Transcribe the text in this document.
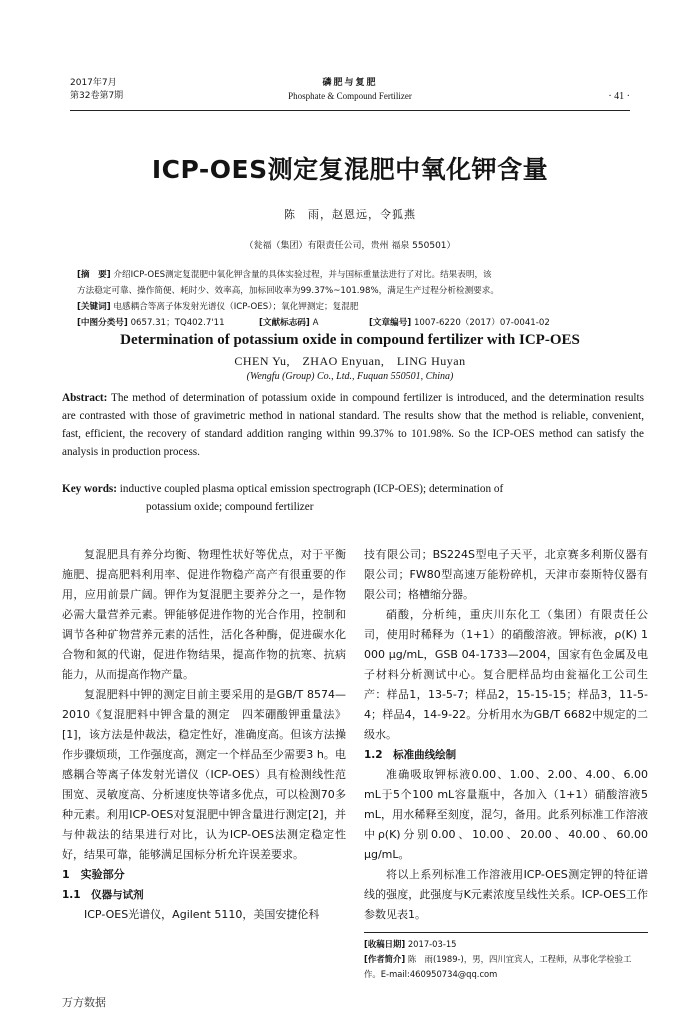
2017年7月
第32卷第7期
磷肥与复肥
Phosphate & Compound Fertilizer	· 41 ·
ICP-OES测定复混肥中氧化钾含量
陈　雨，赵恩远，令狐燕
（瓮福（集团）有限责任公司，贵州 福泉 550501）
[摘　要] 介绍ICP-OES测定复混肥中氧化钾含量的具体实验过程，并与国标重量法进行了对比。结果表明，该
方法稳定可靠、操作简便、耗时少、效率高，加标回收率为99.37%~101.98%，满足生产过程分析检测要求。
[关键词] 电感耦合等离子体发射光谱仪（ICP-OES）；氧化钾测定；复混肥
[中图分类号] 0657.31；TQ402.7'11	[文献标志码] A	[文章编号] 1007-6220（2017）07-0041-02
Determination of potassium oxide in compound fertilizer with ICP-OES
CHEN Yu,　ZHAO Enyuan,　LING Huyan
(Wengfu (Group) Co., Ltd., Fuquan 550501, China)
Abstract: The method of determination of potassium oxide in compound fertilizer is introduced, and the determination results are contrasted with those of gravimetric method in national standard. The results show that the method is reliable, convenient, fast, efficient, the recovery of standard addition ranging within 99.37% to 101.98%. So the ICP-OES method can satisfy the analysis in production process.
Key words: inductive coupled plasma optical emission spectrograph (ICP-OES); determination of
potassium oxide; compound fertilizer

复混肥具有养分均衡、物理性状好等优点，对于平衡施肥、提高肥料利用率、促进作物稳产高产有很重要的作用，应用前景广阔。钾作为复混肥主要养分之一，是作物必需大量营养元素。钾能够促进作物的光合作用，控制和调节各种矿物营养元素的活性，活化各种酶，促进碳水化合物和氮的代谢，促进作物结果，提高作物的抗寒、抗病能力，从而提高作物产量。

复混肥料中钾的测定目前主要采用的是GB/T 8574—2010《复混肥料中钾含量的测定　四苯硼酸钾重量法》[1]，该方法是仲裁法，稳定性好，准确度高。但该方法操作步骤烦琐，工作强度高，测定一个样品至少需要3 h。电感耦合等离子体发射光谱仪（ICP-OES）具有检测线性范围宽、灵敏度高、分析速度快等诸多优点，可以检测70多种元素。利用ICP-OES对复混肥中钾含量进行测定[2]，并与仲裁法的结果进行对比，认为ICP-OES法测定稳定性好，结果可靠，能够满足国标分析允许误差要求。

1　实验部分
1.1　仪器与试剂

ICP-OES光谱仪，Agilent 5110，美国安捷伦科

技有限公司；BS224S型电子天平，北京赛多利斯仪器有限公司；FW80型高速万能粉碎机，天津市泰斯特仪器有限公司；格槽缩分器。

硝酸，分析纯，重庆川东化工（集团）有限责任公司，使用时稀释为（1+1）的硝酸溶液。钾标液，ρ(K) 1 000 μg/mL，GSB 04-1733—2004，国家有色金属及电子材料分析测试中心。复合肥样品均由瓮福化工公司生产：样品1，13-5-7；样品2，15-15-15；样品3，11-5-4；样品4，14-9-22。分析用水为GB/T 6682中规定的二级水。

1.2　标准曲线绘制

准确吸取钾标液0.00、1.00、2.00、4.00、6.00 mL于5个100 mL容量瓶中，各加入（1+1）硝酸溶液5 mL，用水稀释至刻度，混匀，备用。此系列标准工作溶液中ρ(K)分别0.00、10.00、20.00、40.00、60.00 μg/mL。

将以上系列标准工作溶液用ICP-OES测定钾的特征谱线的强度，此强度与K元素浓度呈线性关系。ICP-OES工作参数见表1。

[收稿日期] 2017-03-15
[作者简介] 陈　雨(1989-)，男，四川宜宾人，工程师，从事化学检验工作。E-mail:460950734@qq.com
万方数据
